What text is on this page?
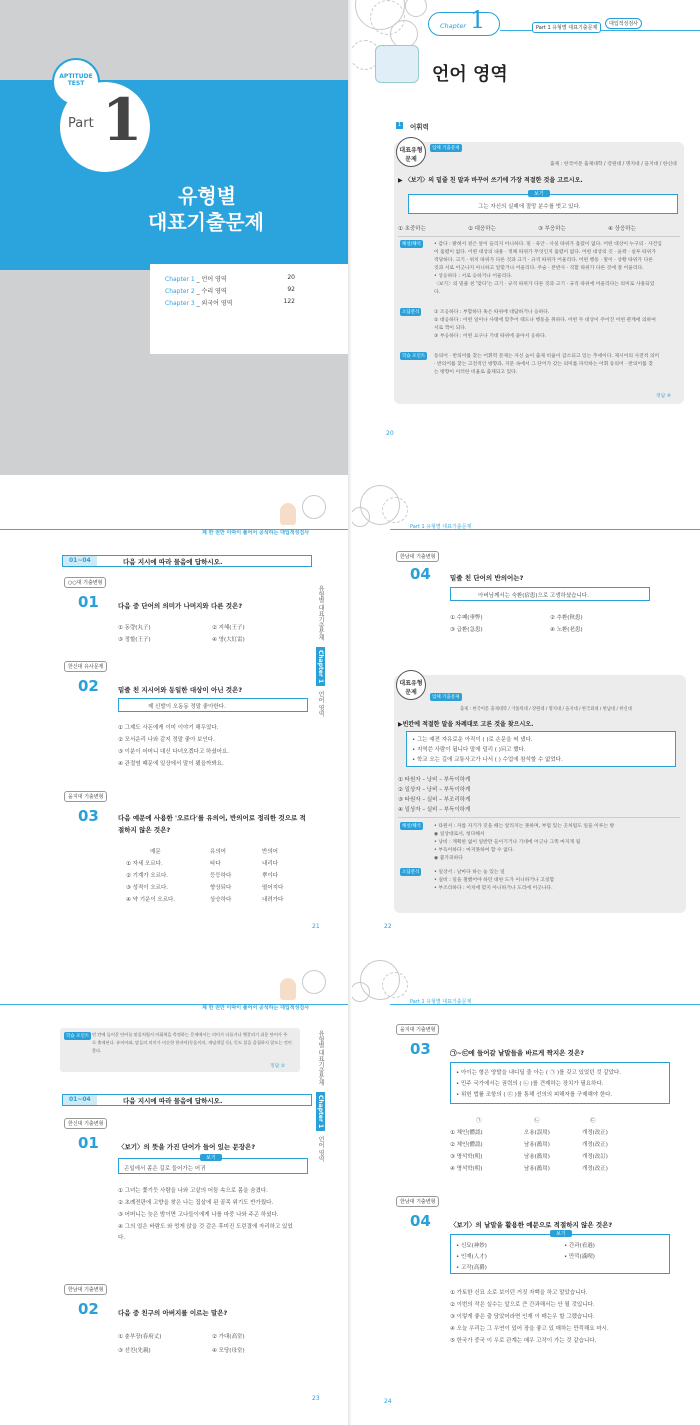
APTITUDE
TEST
Part 1
유형별
대표기출문제
Chapter 1 _ 언어 영역	20
Chapter 2 _ 수리 영역	92
Chapter 3 _ 외국어 영역	122
Chapter 1	Part 1 유형별 대표기출문제
대입적성검사
언어 영역
1 어휘력
대표유형
문제
업체 기출문제
출제 : 한국어문 출제대학 / 강원대 / 명지대 / 을지대 / 한신대
▶ 〈보기〉의 밑줄 친 말과 바꾸어 쓰기에 가장 적절한 것을 고르시오.
보기
그는 자신의 실패에 절망 분수를 벗고 있다.
① 초중하는	② 대응하는	③ 부응하는	④ 상응하는
해설/해석	• 감다 : 밝혀서 겉은 앞이 들리지 아니하다. 밑 · 육안 · 사실 따위가 흘렀이 없다. 어떤 대상이 누구의 · 사건입
이 흘렸이 없다. 어떤 대상의 내용 · 정체 따위가 무엇인지 흘렸이 없다. 어떤 대상의 깃 · 윤곽 · 실루 따위가
적당하다. 크기 · 위치 따위가 다른 것과 크기 · 규격 따위가 어울리다. 어떤 행동 · 말이 · 상황 따위가 다른
것과 서로 어긋나지 아니하고 알맞거나 어울리다. 주술 · 본반사 · 직할 따위가 다른 것에 잘 어울리다.
• 상응하다 : 서로 응하거나 어울리다.
〈보기〉의 밑줄 친 '맞다'는 크기 · 규격 따위가 다른 것과 크기 · 규격 따위에 어울리다는 의미로 사용되었
다.
오답분석	① 조응하다 : 부합하다 혹은 따위에 대답하거나 응하다.
② 대응하다 : 어떤 일이나 사태에 맞추어 태도나 행동을 취하다. 어떤 두 대상이 주어진 어떤 관계에 의하여
서로 짝이 되다.
③ 부응하다 : 어떤 요구나 기대 따위에 좇아서 응하다.
학습 포인트	동의어 · 반의어를 찾는 어휘력 문제는 자신 높이 출제 비율이 감소되고 있는 추세이다. 제시어의 사전적 의미
· 반의어를 찾는 고전적인 방향과, 지문 속에서 그 단어가 갖는 의미를 파악하는 어휘 동의어 · 반의어를 찾
는 방향이 이러한 비율로 출제되고 있다.
정답 ④
20
제 한 권만 이따이 풀어서 공석하는 대입적성검사
01~04	다음 지시에 따라 물음에 답하시오.
유형별 대표기출문제
Chapter 1
언어 영역
○○대 기출변형
01	다음 중 단어의 의미가 나머지와 다른 것은?
① 동량(丸子)	② 지혜(王子)
③ 정할(王子)	④ 영(大紅雷)
한신대 유사문제
02	밑줄 친 지시어와 동일한 대상이 아닌 것은?
제 신발이 오동동 정말 좋아한다.
① 그제도 사돈에게 이미 이야기 해두었다.
② 모서운리 나와 같지 정말 좋아 보인다.
③ 이분이 어머니 대신 다녀오겠다고 하셨어요.
④ 관절염 때문에 일상에서 말이 됐을까봐요.
을지대 기출변형
03	다음 예문에 사용한 '오르다'를 유의어, 반의어로 정리한 것으로 적
절하지 않은 것은?
예문	유의어	반의어
① 자세 오르다.	타다	내리다
② 기계가 오르다.	등등하다	뿌이다
③ 성적이 오르다.	향상되다	떨어지다
④ 약 기운이 오르다.	상승하다	내려가다
21
Part 1 유형별 대표기출문제
한남대 기출변형
04	밑줄 친 단어의 반의어는?
아버님께서는 숙환(宿患)으로 고생하셨습니다.
① 수폐(垂弊)	② 추환(秋患)
③ 급환(急患)	④ 노환(老患)
대표유형
문제
업체 기출문제
출제 : 한국어문 출제대학 / 가톨릭대 / 강원대 / 명지대 / 을지대 / 한국외대 / 한남대 / 한신대
▶빈칸에 적절한 말을 차례대로 고른 것을 찾으시오.
• 그는 예전 자유로운 아직이 ( )로 손문을 써 냈다.
• 지역쓴 사람이 됩니다 말에 덜리 ( )되고 했다.
• 학교 오는 길에 교통사고가 나서 ( ) 수업에 참석할 수 없었다.
① 타원자 – 낭비 – 부득이하게
② 일상자 – 낭비 – 부득이하게
③ 타원자 – 실비 – 부조리하게
④ 일상자 – 실비 – 부득이하게
해설/해석	• 타원서 : 자릅 자기가 깃을 때는 알리지는 못하며, 부럽 있는 곳처럼도 일을 이루는 방
◉ 일상대로서, 청다해서
• 낭비 : 계획한 없이 일반만 들이기거나 기대에 어긋나 그쪽 마지게 됨
• 부득이하다 : 마지못하여 할 수 없다.
◉ 불가피하다
오답분석	• 일상서 : 날마다 하는 놓 있는 일
• 실비 : 일을 철했어야 하던 대한 도가 이니하거나 고칭함
• 부조리하다 : 이치에 맞지 아니하거나 도리에 어긋나다.
22
제 한 권만 이따이 풀어서 공석하는 대입적성검사
학습 포인트 빈 칸에 들어갈 단어를 맞음처럼서 어휘력을 측정하는 문제에서는 의미가 다를거나 헷갈리기 쉬운 단어가 주
로 출제된다. 유의어와, 말들의 의미가 비슷한 한자어(동음이의, 개념개일 등), 뜻도 읽을 줌칩하지 않도는 것이
좋다.
정답 ②
01~04	다음 지시에 따라 물음에 답하시오.
유형별 대표기출문제
Chapter 1
언어 영역
한신대 기출변형
01	〈보기〉의 뜻을 가진 단어가 들어 있는 문장은?
보기
곤일에서 좀은 길로 들어가는 어귀
① 그녀는 쫓기듯 사람을 나와 고샅의 어둠 속으로 몸을 숨겼다.
② 초례전판에 고향을 찾은 나는 집살에 된 골목 위기도 반가웠다.
③ 어머니는 늦은 밤이면 고나들이에게 나를 마중 나와 주곤 하셨다.
④ 그의 얼은 바람도 와 멍게 앉을 것 같은 후미진 도린결에 자리하고 있었
다.
한남대 기출변형
02	다음 중 친구의 아버지를 이르는 말은?
① 춘부장(春府丈)	② 가대(高堂)
③ 선친(先親)	④ 모당(母堂)
23
Part 1 유형별 대표기출문제
을지대 기출변형
03	㉠~㉢에 들어갈 낱말들을 바르게 짝지은 것은?
• 아이는 형은 양발을 내디딜 줄 아는 ( ㉠ )를 갖고 있었던 것 같았다.
• 민주 국가에서는 권력의 ( ㉡ )를 견제하는 장치가 필요하다.
• 위헌 법률 조항의 ( ㉢ )를 통해 선의의 피해자를 구제해야 한다.
㉠	㉡	㉢
① 체인(體認)	오용(誤用)	개정(改正)
② 체인(體認)	남용(濫用)	개정(改正)
③ 명석학(明)	남용(濫用)	개정(改訂)
④ 명석학(明)	남용(濫用)	개정(改正)
한남대 기출변형
04	〈보기〉의 낱말을 활용한 예문으로 적절하지 않은 것은?
보기
• 신묘(神妙)	• 간과(看過)
• 인재(人才)	• 만끽(滿喫)
• 고작(高爵)
① 가토한 신묘 소로 보이던 거짓 자백을 하고 말았습니다.
② 이번의 작은 실수는 앞으로 큰 간과해서는 안 될 것입니다.
③ 이렇게 좋은 출 담았어라면 인재 이 매는우 할 그랬습니다.
④ 오늘 우리는 그 우연이 있어 장을 좋고 있 매하는 만끽해요 마시.
⑤ 한국가 중국 이 우로 관계는 매우 고작이 가는 것 같습니다.
24
